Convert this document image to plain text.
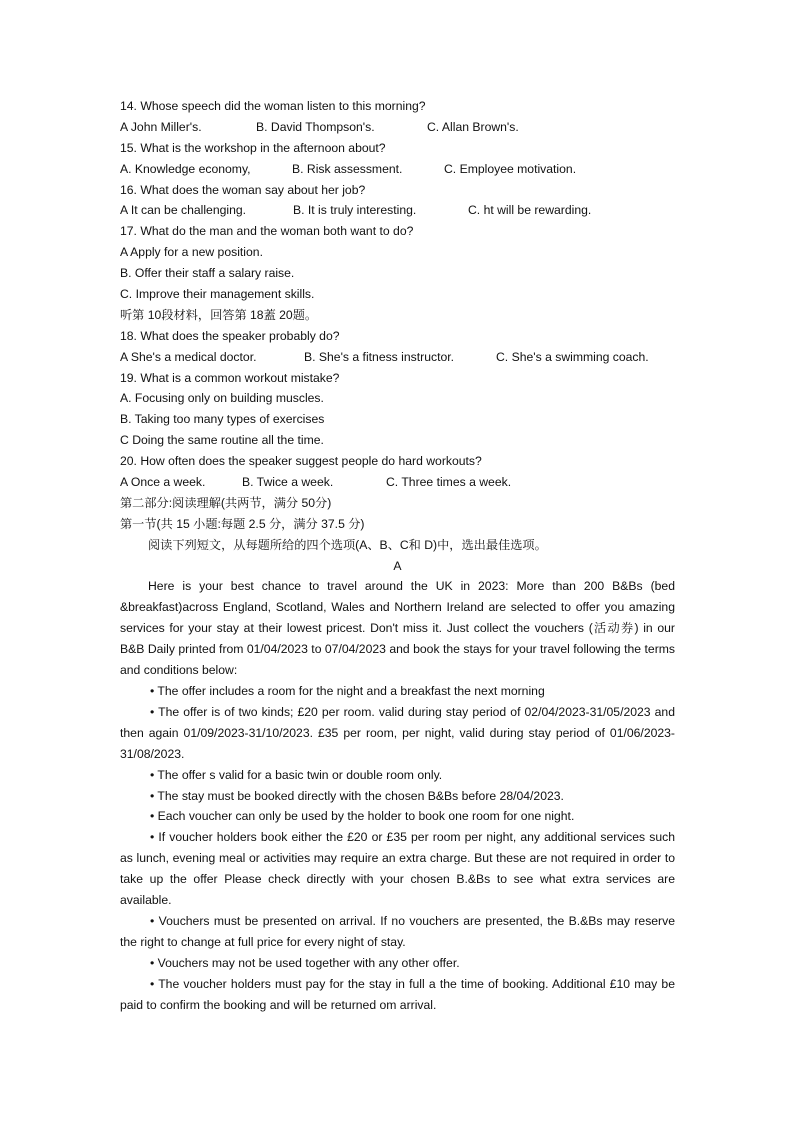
14. Whose speech did the woman listen to this morning?
A John Miller's.	B. David Thompson's.	C. Allan Brown's.
15. What is the workshop in the afternoon about?
A. Knowledge economy,	B. Risk assessment.	C. Employee motivation.
16. What does the woman say about her job?
A It can be challenging.	B. It is truly interesting.	C. ht will be rewarding.
17. What do the man and the woman both want to do?
A Apply for a new position.
B. Offer their staff a salary raise.
C. Improve their management skills.
听第 10段材料，回答第 18蓋 20题。
18. What does the speaker probably do?
A She's a medical doctor.	B. She's a fitness instructor.	C. She's a swimming coach.
19. What is a common workout mistake?
A. Focusing only on building muscles.
B. Taking too many types of exercises
C Doing the same routine all the time.
20. How often does the speaker suggest people do hard workouts?
A Once a week.	B. Twice a week.	C. Three times a week.
第二部分:阅读理解(共两节，满分 50分)
第一节(共 15 小题:每题 2.5 分，满分 37.5 分)
阅读下列短文，从每题所给的四个选项(A、B、C和 D)中，选出最佳选项。
A
Here is your best chance to travel around the UK in 2023: More than 200 B&Bs (bed &breakfast)across England, Scotland, Wales and Northern Ireland are selected to offer you amazing services for your stay at their lowest pricest. Don't miss it. Just collect the vouchers (活动券) in our B&B Daily printed from 01/04/2023 to 07/04/2023 and book the stays for your travel following the terms and conditions below:
• The offer includes a room for the night and a breakfast the next morning
• The offer is of two kinds; £20 per room. valid during stay period of 02/04/2023-31/05/2023 and then again 01/09/2023-31/10/2023. £35 per room, per night, valid during stay period of 01/06/2023-31/08/2023.
• The offer s valid for a basic twin or double room only.
• The stay must be booked directly with the chosen B&Bs before 28/04/2023.
• Each voucher can only be used by the holder to book one room for one night.
• If voucher holders book either the £20 or £35 per room per night, any additional services such as lunch, evening meal or activities may require an extra charge. But these are not required in order to take up the offer Please check directly with your chosen B.&Bs to see what extra services are available.
• Vouchers must be presented on arrival. If no vouchers are presented, the B.&Bs may reserve the right to change at full price for every night of stay.
• Vouchers may not be used together with any other offer.
• The voucher holders must pay for the stay in full a the time of booking. Additional £10 may be paid to confirm the booking and will be returned om arrival.
